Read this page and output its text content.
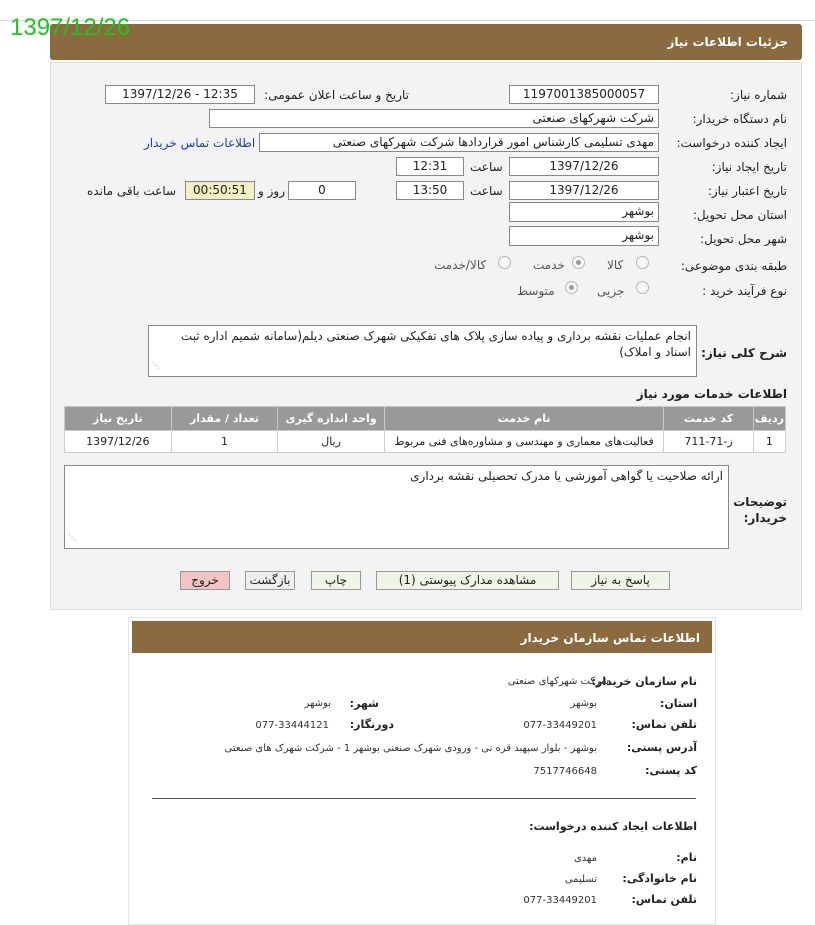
جزئیات اطلاعات نیاز
1397/12/26
شماره نیاز:
1197001385000057
تاریخ و ساعت اعلان عمومی:
1397/12/26 - 12:35
نام دستگاه خریدار:
شرکت شهرکهای صنعتی
ایجاد کننده درخواست:
مهدی تسلیمی کارشناس امور قراردادها شرکت شهرکهای صنعتی
اطلاعات تماس خریدار
تاریخ ایجاد نیاز:
1397/12/26
ساعت
12:31
تاریخ اعتبار نیاز:
1397/12/26
ساعت
13:50
0
روز و
00:50:51
ساعت باقی مانده
استان محل تحویل:
بوشهر
شهر محل تحویل:
بوشهر
طبقه بندی موضوعی:
کالا
خدمت
کالا/خدمت
نوع فرآیند خرید :
جزیی
متوسط
شرح کلی نیاز:
انجام عملیات نقشه برداری و پیاده سازی پلاک های تفکیکی شهرک صنعتی دیلم(سامانه شمیم اداره ثبت اسناد و املاک)
⋰
اطلاعات خدمات مورد نیاز
ردیف	کد خدمت	نام خدمت	واحد اندازه گیری	تعداد / مقدار	تاریخ نیاز
1	ز-71-711	فعالیت‌های معماری و مهندسی و مشاوره‌های فنی مربوط	ریال	1	1397/12/26
توضیحات خریدار:
ارائه صلاحیت یا گواهی آموزشی یا مدرک تحصیلی نقشه برداری
⋰
پاسخ به نیاز
مشاهده مدارک پیوستی (1)
چاپ
بازگشت
خروج
اطلاعات تماس سازمان خریدار
نام سازمان خریدار:
شرکت شهرکهای صنعتی
استان:
بوشهر
شهر:
بوشهر
تلفن تماس:
077-33449201
دورنگار:
077-33444121
آدرس پستی:
بوشهر - بلوار سپهبد قره نی - ورودی شهرک صنعتی بوشهر 1 - شرکت شهرک های صنعتی
کد پستی:
7517746648
اطلاعات ایجاد کننده درخواست:
نام:
مهدی
نام خانوادگی:
تسلیمی
تلفن تماس:
077-33449201
